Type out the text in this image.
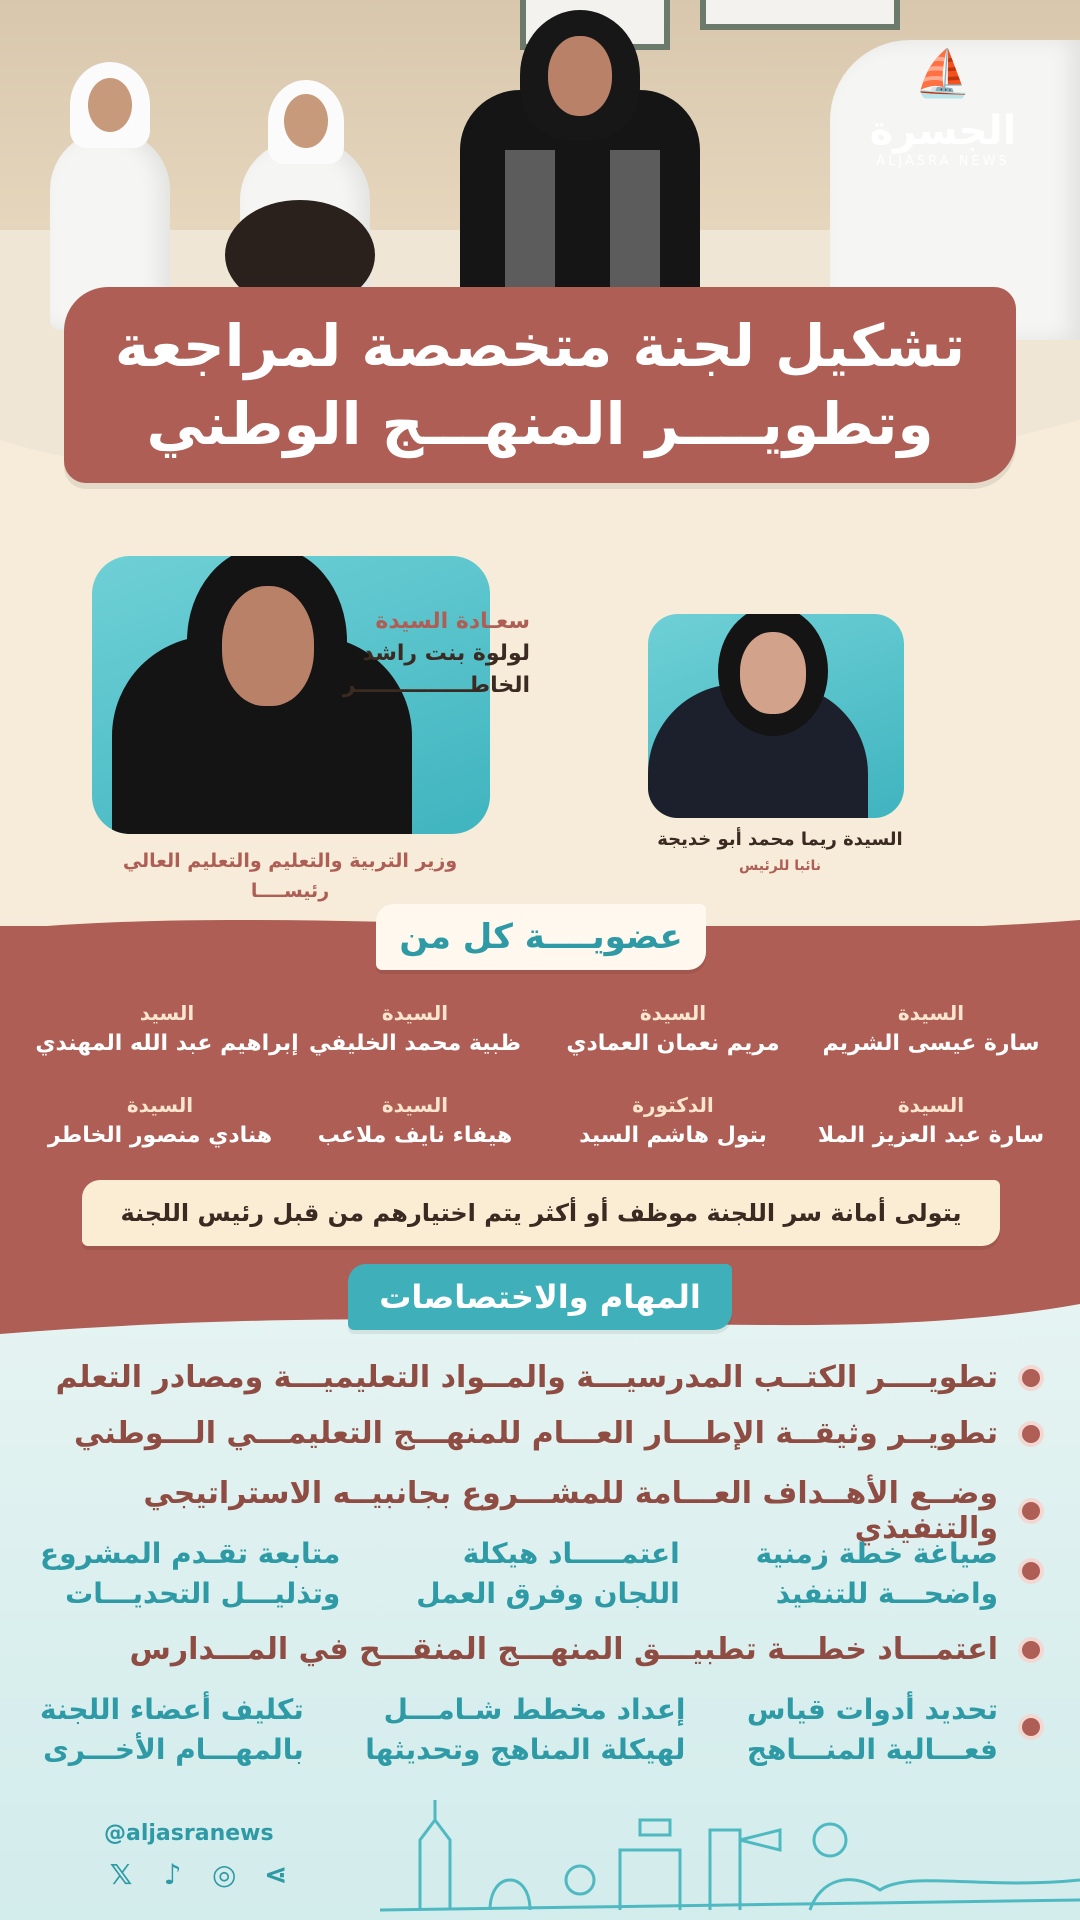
⛵
الجسرة
ALJASRA NEWS
تشكيل لجنة متخصصة لمراجعة
وتطويــــر المنهـــج الوطني
سعـادة السيدة
لولوة بنت راشد
الخاطـــــــــــــــر
وزير التربية والتعليم والتعليم العالي
رئيســــا
السيدة ريما محمد أبو خديجة
نائبا للرئيس
عضويــــة كل من
السيدة
سارة عيسى الشريم
السيدة
مريم نعمان العمادي
السيدة
ظبية محمد الخليفي
السيد
إبراهيم عبد الله المهندي
السيدة
سارة عبد العزيز الملا
الدكتورة
بتول هاشم السيد
السيدة
هيفاء نايف ملاعب
السيدة
هنادي منصور الخاطر
يتولى أمانة سر اللجنة موظف أو أكثر يتم اختيارهم من قبل رئيس اللجنة
المهام والاختصاصات
تطويــــر الكتــب المدرسيـــة والمــواد التعليميـــة ومصادر التعلم
تطويــر وثيقــة الإطـــار العـــام للمنهـــج التعليمـــي الـــوطني
وضــع الأهــداف العـــامة للمشـــروع بجانبيــه الاستراتيجي والتنفيذي
صياغة خطة زمنية
واضحـــة للتنفيذ
اعتمـــــاد هيكلة
اللجان وفرق العمل
متابعة تقـدم المشروع
وتذليـــل التحديـــات
اعتمـــاد خطـــة تطبيـــق المنهـــج المنقـــح في المـــدارس
تحديد أدوات قياس
فعـــالية المنـــاهج
إعداد مخطط شـامـــل
لهيكلة المناهج وتحديثها
تكليف أعضاء اللجنة
بالمهـــام الأخـــرى
@aljasranews
𝕏 ♪ ◎ ⋖
